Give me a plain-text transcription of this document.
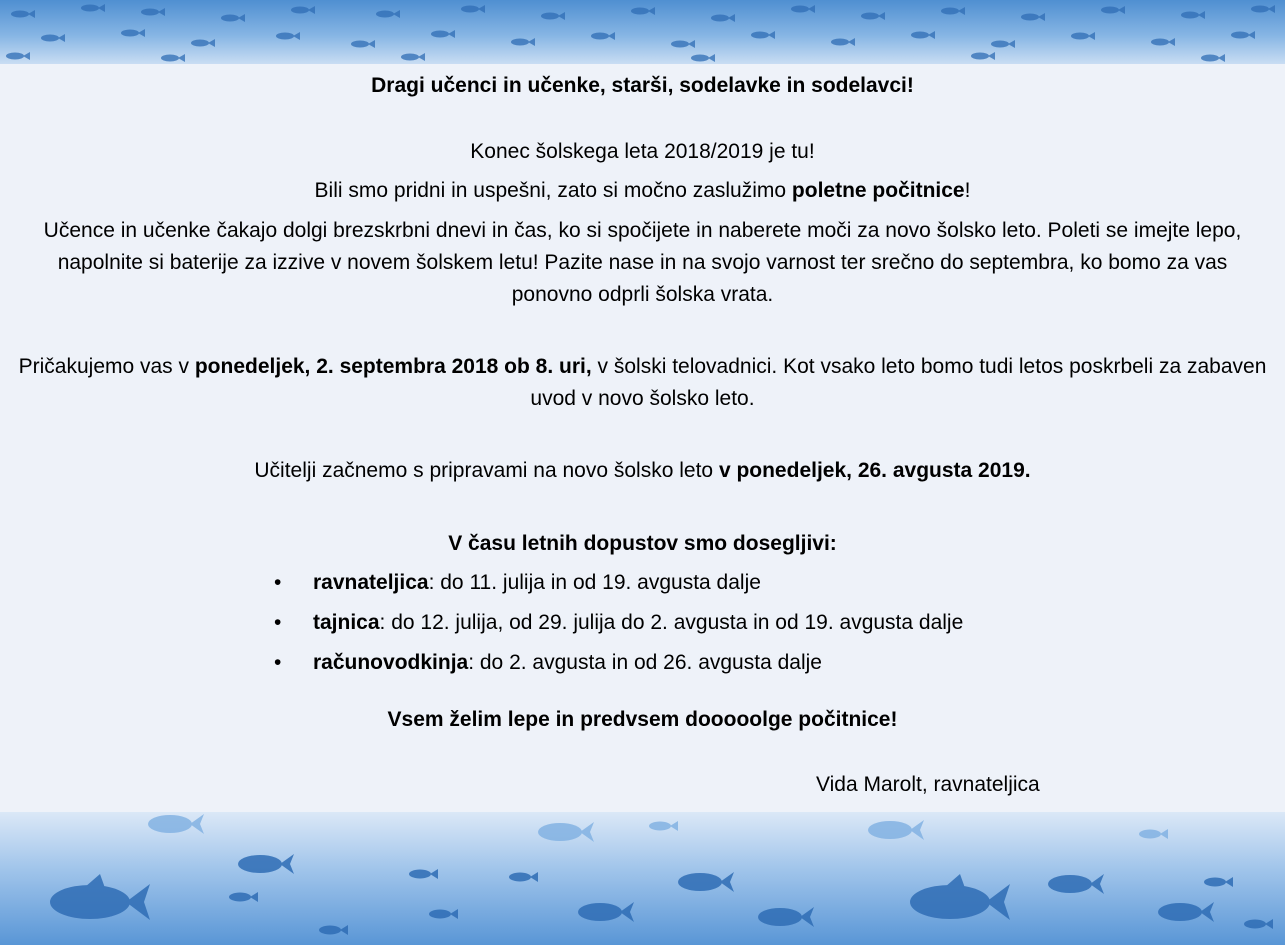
Dragi učenci in učenke, starši, sodelavke in sodelavci!
Konec šolskega leta 2018/2019 je tu!
Bili smo pridni in uspešni, zato si močno zaslužimo poletne počitnice!
Učence in učenke čakajo dolgi brezskrbni dnevi in čas, ko si spočijete in naberete moči za novo šolsko leto. Poleti se imejte lepo, napolnite si baterije za izzive v novem šolskem letu! Pazite nase in na svojo varnost ter srečno do septembra, ko bomo za vas ponovno odprli šolska vrata.
Pričakujemo vas v ponedeljek, 2. septembra 2018 ob 8. uri, v šolski telovadnici. Kot vsako leto bomo tudi letos poskrbeli za zabaven uvod v novo šolsko leto.
Učitelji začnemo s pripravami na novo šolsko leto v ponedeljek, 26. avgusta 2019.
V času letnih dopustov smo dosegljivi:
• ravnateljica: do 11. julija in od 19. avgusta dalje
• tajnica: do 12. julija, od 29. julija do 2. avgusta in od 19. avgusta dalje
• računovodkinja: do 2. avgusta in od 26. avgusta dalje
Vsem želim lepe in predvsem dooooolge počitnice!
Vida Marolt, ravnateljica
